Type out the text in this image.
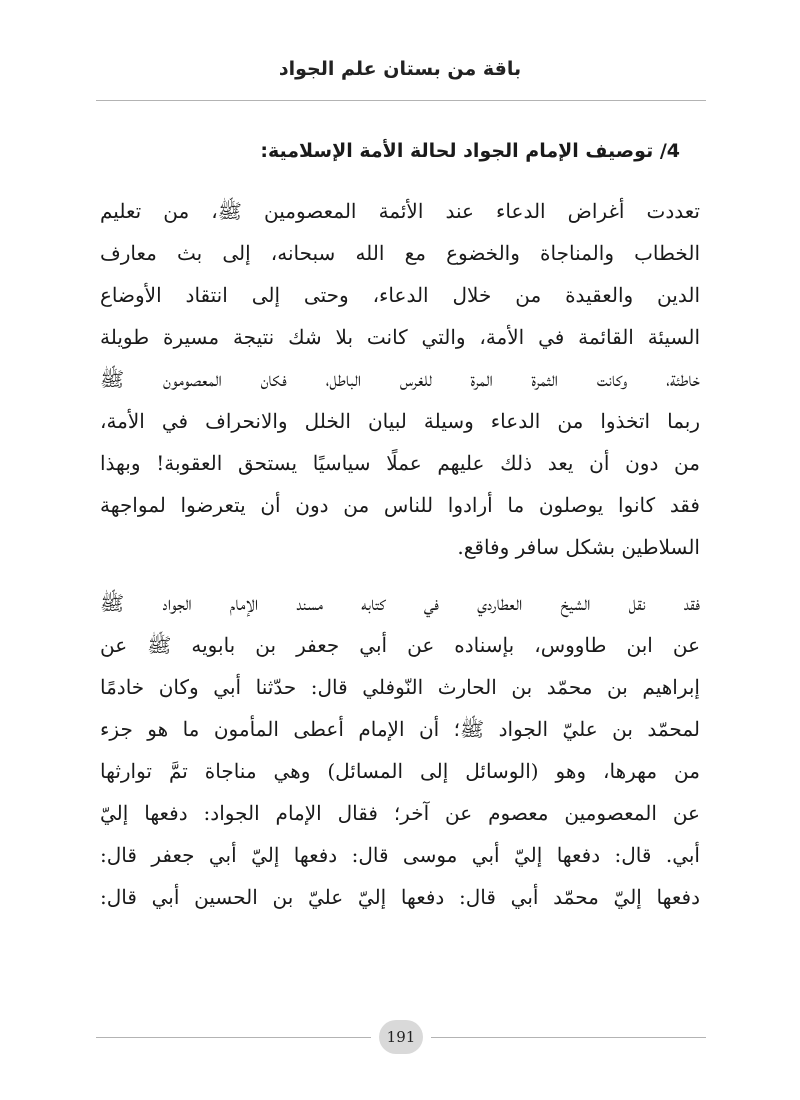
باقة من بستان علم الجواد
4/ توصيف الإمام الجواد لحالة الأمة الإسلامية:
تعددت أغراض الدعاء عند الأئمة المعصومين ﷺ، من تعليم
الخطاب والمناجاة والخضوع مع الله سبحانه، إلى بث معارف
الدين والعقيدة من خلال الدعاء، وحتى إلى انتقاد الأوضاع
السيئة القائمة في الأمة، والتي كانت بلا شك نتيجة مسيرة طويلة
خاطئة، وكانت الثمرة المرة للغرس الباطل، فكان المعصومون ﷺ
ربما اتخذوا من الدعاء وسيلة لبيان الخلل والانحراف في الأمة،
من دون أن يعد ذلك عليهم عملًا سياسيًا يستحق العقوبة! وبهذا
فقد كانوا يوصلون ما أرادوا للناس من دون أن يتعرضوا لمواجهة
السلاطين بشكل سافر وفاقع.
فقد نقل الشيخ العطاردي في كتابه مسند الإمام الجواد ﷺ
عن ابن طاووس، بإسناده عن أبي جعفر بن بابويه ﷺ عن
إبراهيم بن محمّد بن الحارث النّوفلي قال: حدّثنا أبي وكان خادمًا
لمحمّد بن عليّ الجواد ﷺ؛ أن الإمام أعطى المأمون ما هو جزء
من مهرها، وهو (الوسائل إلى المسائل) وهي مناجاة تمَّ توارثها
عن المعصومين معصوم عن آخر؛ فقال الإمام الجواد: دفعها إليّ
أبي. قال: دفعها إليّ أبي موسى قال: دفعها إليّ أبي جعفر قال:
دفعها إليّ محمّد أبي قال: دفعها إليّ عليّ بن الحسين أبي قال:
191
